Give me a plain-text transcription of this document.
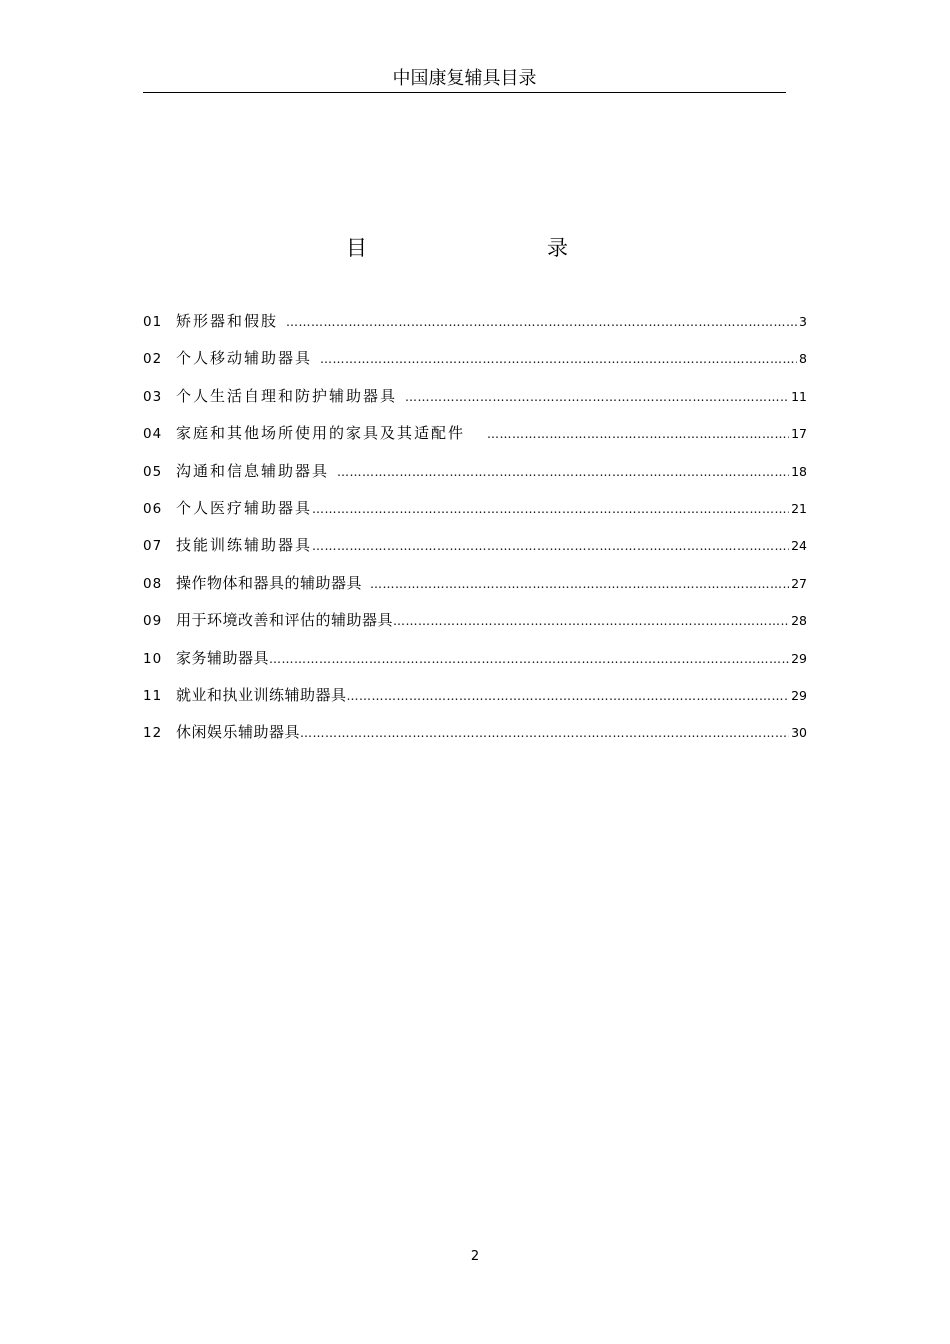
中国康复辅具目录
目	录
01 矫形器和假肢 …………………………………………………………………………………………………………………………………………………………………………………………	3
02 个人移动辅助器具 …………………………………………………………………………………………………………………………………………………………………………………………	8
03 个人生活自理和防护辅助器具 …………………………………………………………………………………………………………………………………………………………………………………………	11
04 家庭和其他场所使用的家具及其适配件 …………………………………………………………………………………………………………………………………………………………………………………………	17
05 沟通和信息辅助器具 …………………………………………………………………………………………………………………………………………………………………………………………	18
06 个人医疗辅助器具 …………………………………………………………………………………………………………………………………………………………………………………………	21
07 技能训练辅助器具 …………………………………………………………………………………………………………………………………………………………………………………………	24
08 操作物体和器具的辅助器具 …………………………………………………………………………………………………………………………………………………………………………………………	27
09 用于环境改善和评估的辅助器具 …………………………………………………………………………………………………………………………………………………………………………………………	28
10 家务辅助器具 …………………………………………………………………………………………………………………………………………………………………………………………	29
11 就业和执业训练辅助器具 …………………………………………………………………………………………………………………………………………………………………………………………	29
12 休闲娱乐辅助器具 …………………………………………………………………………………………………………………………………………………………………………………………	30
2
